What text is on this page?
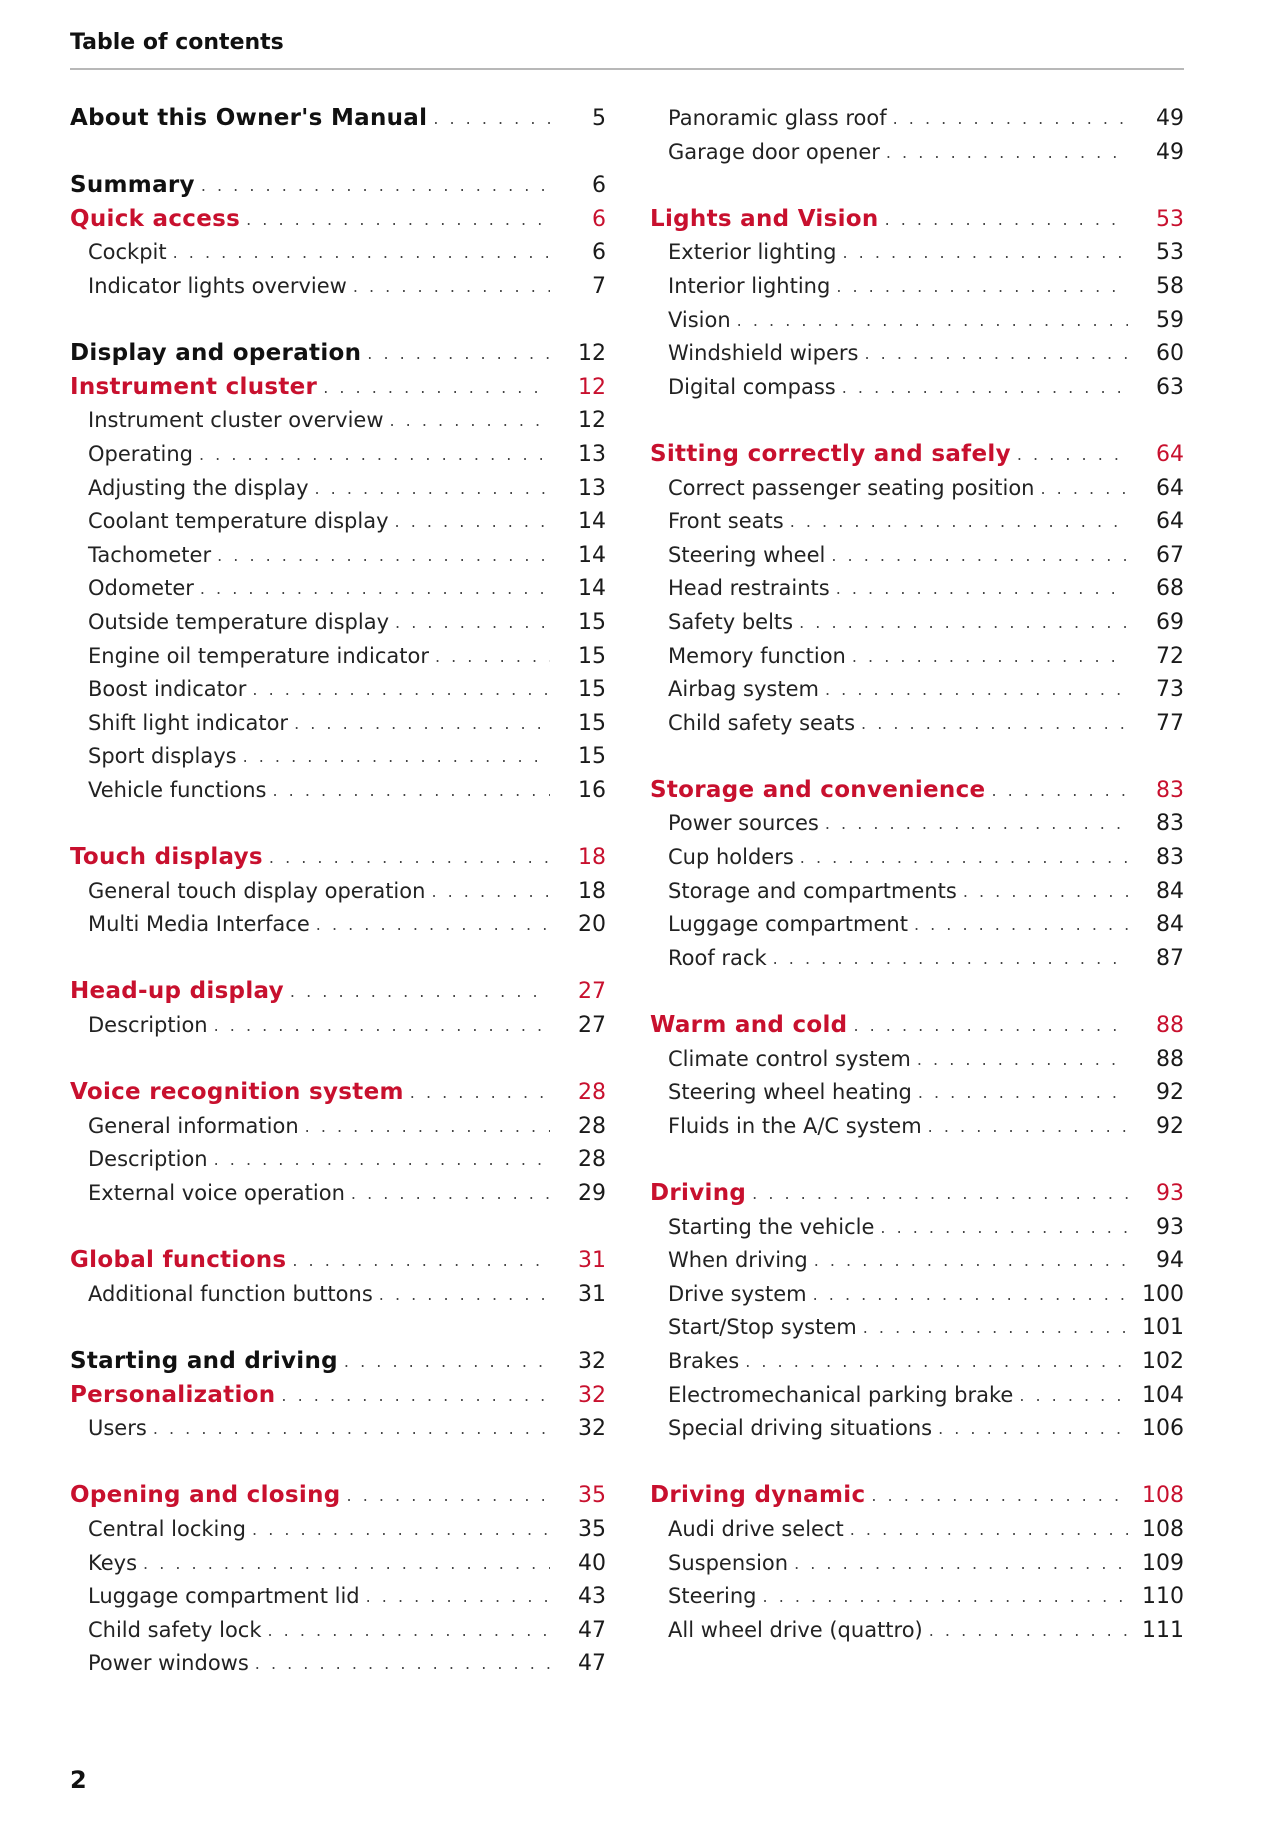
Table of contents
About this Owner's Manual . . .	5
Summary . . .	6
Quick access . . .	6
Cockpit . . .	6
Indicator lights overview . . .	7
Display and operation . . .	12
Instrument cluster . . .	12
Instrument cluster overview . . .	12
Operating . . .	13
Adjusting the display . . .	13
Coolant temperature display . . .	14
Tachometer . . .	14
Odometer . . .	14
Outside temperature display . . .	15
Engine oil temperature indicator . . .	15
Boost indicator . . .	15
Shift light indicator . . .	15
Sport displays . . .	15
Vehicle functions . . .	16
Touch displays . . .	18
General touch display operation . . .	18
Multi Media Interface . . .	20
Head-up display . . .	27
Description . . .	27
Voice recognition system . . .	28
General information . . .	28
Description . . .	28
External voice operation . . .	29
Global functions . . .	31
Additional function buttons . . .	31
Starting and driving . . .	32
Personalization . . .	32
Users . . .	32
Opening and closing . . .	35
Central locking . . .	35
Keys . . .	40
Luggage compartment lid . . .	43
Child safety lock . . .	47
Power windows . . .	47
Panoramic glass roof . . .	49
Garage door opener . . .	49
Lights and Vision . . .	53
Exterior lighting . . .	53
Interior lighting . . .	58
Vision . . .	59
Windshield wipers . . .	60
Digital compass . . .	63
Sitting correctly and safely . . .	64
Correct passenger seating position . . .	64
Front seats . . .	64
Steering wheel . . .	67
Head restraints . . .	68
Safety belts . . .	69
Memory function . . .	72
Airbag system . . .	73
Child safety seats . . .	77
Storage and convenience . . .	83
Power sources . . .	83
Cup holders . . .	83
Storage and compartments . . .	84
Luggage compartment . . .	84
Roof rack . . .	87
Warm and cold . . .	88
Climate control system . . .	88
Steering wheel heating . . .	92
Fluids in the A/C system . . .	92
Driving . . .	93
Starting the vehicle . . .	93
When driving . . .	94
Drive system . . .	100
Start/Stop system . . .	101
Brakes . . .	102
Electromechanical parking brake . . .	104
Special driving situations . . .	106
Driving dynamic . . .	108
Audi drive select . . .	108
Suspension . . .	109
Steering . . .	110
All wheel drive (quattro) . . .	111
2
